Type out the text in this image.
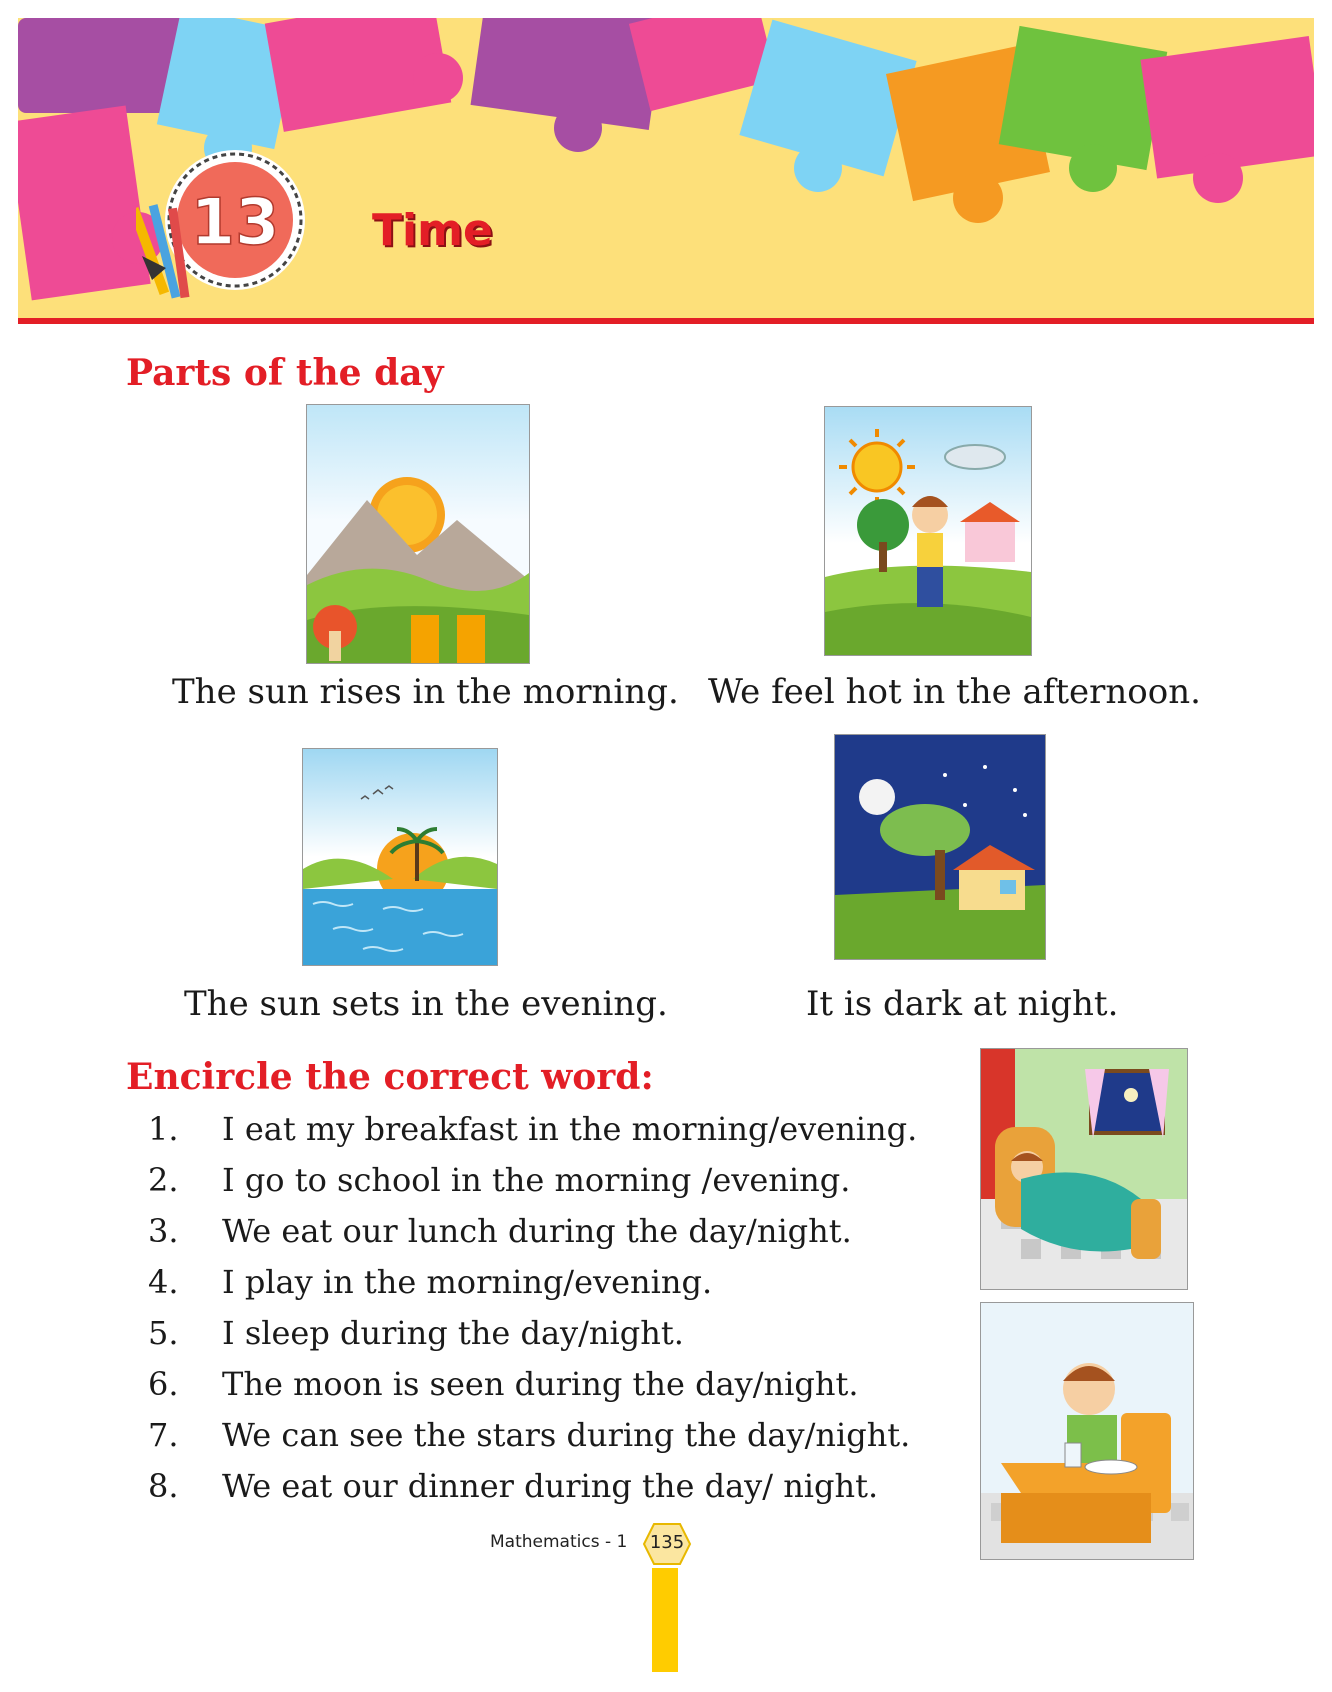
13 Time
Parts of the day
The sun rises in the morning. We feel hot in the afternoon.
The sun sets in the evening.	It is dark at night.
Encircle the correct word:
1. I eat my breakfast in the morning/evening.
2. I go to school in the morning /evening.
3. We eat our lunch during the day/night.
4. I play in the morning/evening.
5. I sleep during the day/night.
6. The moon is seen during the day/night.
7. We can see the stars during the day/night.
8. We eat our dinner during the day/ night.
Mathematics - 1	135
